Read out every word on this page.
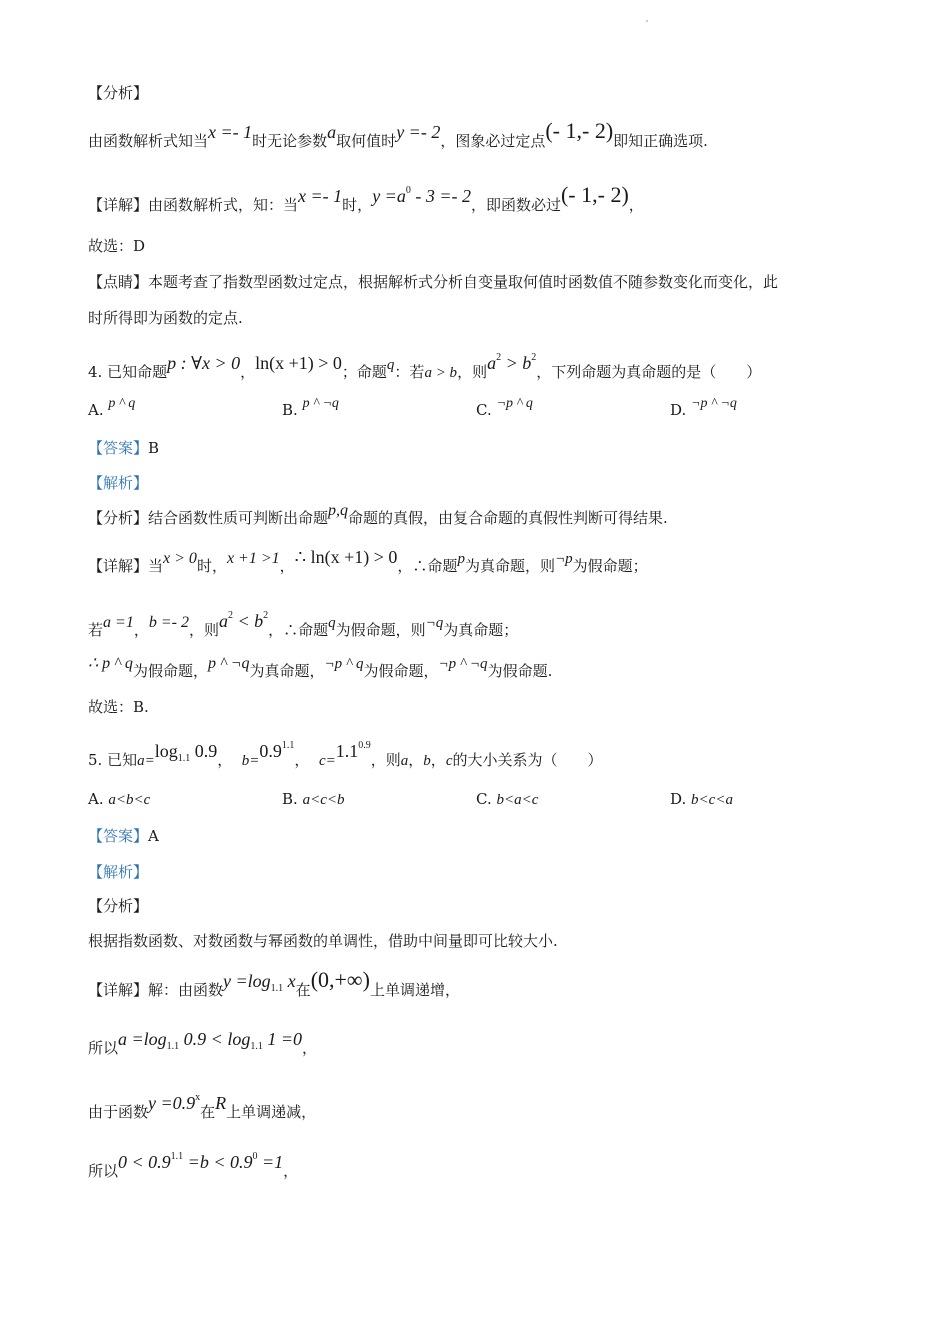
【分析】
由函数解析式知当x =- 1时无论参数a取何值时y =- 2，图象必过定点(- 1,- 2)即知正确选项.
【详解】由函数解析式，知：当x =- 1时，$y =a^0 - 3 =- 2$，即函数必过(- 1,- 2)，
故选：D
【点睛】本题考查了指数型函数过定点，根据解析式分析自变量取何值时函数值不随参数变化而变化，此
时所得即为函数的定点.
4. 已知命题p : ∀x > 0，ln(x +1) > 0；命题q：若a > b，则$a^2 > b^2$，下列命题为真命题的是（　　）
A. p ^ q	B. p ^ ¬q	C. ¬p ^ q	D. ¬p ^ ¬q
【答案】B
【解析】
【分析】结合函数性质可判断出命题p,q命题的真假，由复合命题的真假性判断可得结果.
【详解】当x > 0时，x +1 >1，∴ ln(x +1) > 0，∴命题p为真命题，则¬p为假命题；
若a =1，b =- 2，则$a^2 < b^2$，∴命题q为假命题，则¬q为真命题；
∴ p ^ q为假命题，p ^ ¬q为真命题，¬p ^ q为假命题，¬p ^ ¬q为假命题.
故选：B.
5. 已知$a=\log_{1.1}$ 0.9， $b=0.9^{1.1}$， $c=1.1^{0.9}$，则a，b，c的大小关系为（　　）
A. a<b<c	B. a<c<b	C. b<a<c	D. b<c<a
【答案】A
【解析】
【分析】
根据指数函数、对数函数与幂函数的单调性，借助中间量即可比较大小.
【详解】解：由函数$y =\log_{1.1}$ x在(0,+∞)上单调递增，
所以$a =\log_{1.1}$ $0.9 < \log_{1.1} 1 =0$，
由于函数$y =0.9^x$在R上单调递减，
所以$0 < 0.9^{1.1} =b < 0.9^0 =1$，
